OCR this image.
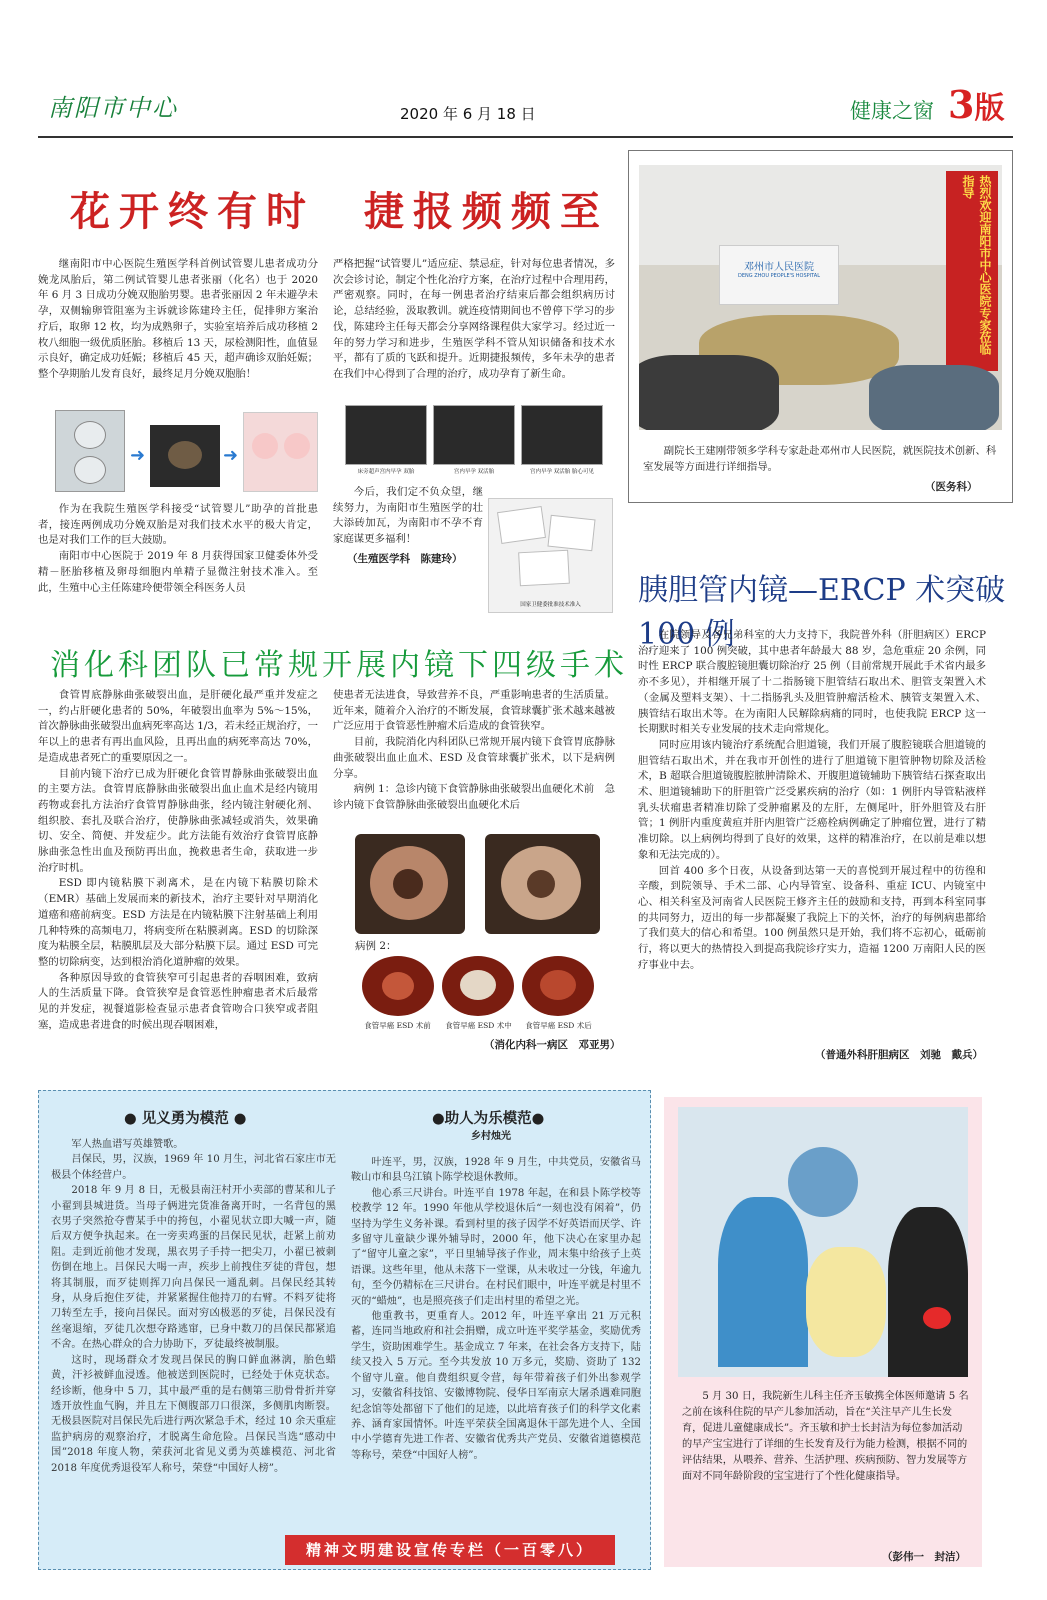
南阳市中心	2020 年 6 月 18 日	健康之窗 3版
花开终有时　捷报频频至

继南阳市中心医院生殖医学科首例试管婴儿患者成功分娩龙凤胎后，第二例试管婴儿患者张丽（化名）也于 2020 年 6 月 3 日成功分娩双胞胎男婴。患者张丽因 2 年未避孕未孕，双侧输卵管阻塞为主诉就诊陈建玲主任，促排卵方案治疗后，取卵 12 枚，均为成熟卵子，实验室培养后成功移植 2 枚八细胞一级优质胚胎。移植后 13 天，尿检测阳性，血值显示良好，确定成功妊娠；移植后 45 天，超声确诊双胎妊娠；整个孕期胎儿发育良好，最终足月分娩双胞胎！

严格把握“试管婴儿”适应症、禁忌症，针对每位患者情况，多次会诊讨论，制定个性化治疗方案，在治疗过程中合理用药，严密观察。同时，在每一例患者治疗结束后都会组织病历讨论，总结经验，汲取教训。就连疫情期间也不曾停下学习的步伐，陈建玲主任每天都会分享网络课程供大家学习。经过近一年的努力学习和进步，生殖医学科不管从知识储备和技术水平，都有了质的飞跃和提升。近期捷报频传，多年未孕的患者在我们中心得到了合理的治疗，成功孕育了新生命。

➜	➜

作为在我院生殖医学科接受“试管婴儿”助孕的首批患者，接连两例成功分娩双胎是对我们技术水平的极大肯定，也是对我们工作的巨大鼓励。

南阳市中心医院于 2019 年 8 月获得国家卫健委体外受精－胚胎移植及卵母细胞内单精子显微注射技术准入。至此，生殖中心主任陈建玲便带领全科医务人员

床旁超声宫内早孕 双胎	宫内早孕 双活胎	宫内早孕 双活胎 胎心可见

今后，我们定不负众望，继续努力，为南阳市生殖医学的壮大添砖加瓦，为南阳市不孕不育家庭谋更多福利！

（生殖医学科　陈建玲）
国家卫健委批准技术准入
邓州市人民医院
DENG ZHOU PEOPLE'S HOSPITAL	热烈欢迎南阳市中心医院专家莅临指导
副院长王建刚带领多学科专家赴赴邓州市人民医院，就医院技术创新、科室发展等方面进行详细指导。
（医务科）
消化科团队已常规开展内镜下四级手术

食管胃底静脉曲张破裂出血，是肝硬化最严重并发症之一，约占肝硬化患者的 50%，年破裂出血率为 5%～15%，首次静脉曲张破裂出血病死率高达 1/3，若未经正规治疗，一年以上的患者有再出血风险，且再出血的病死率高达 70%，是造成患者死亡的重要原因之一。

目前内镜下治疗已成为肝硬化食管胃静脉曲张破裂出血的主要方法。食管胃底静脉曲张破裂出血止血术是经内镜用药物或套扎方法治疗食管胃静脉曲张，经内镜注射硬化剂、组织胶、套扎及联合治疗，使静脉曲张减轻或消失，效果确切、安全、简便、并发症少。此方法能有效治疗食管胃底静脉曲张急性出血及预防再出血，挽救患者生命，获取进一步治疗时机。

ESD 即内镜粘膜下剥离术，是在内镜下粘膜切除术（EMR）基础上发展而来的新技术，治疗主要针对早期消化道癌和癌前病变。ESD 方法是在内镜粘膜下注射基础上利用几种特殊的高频电刀，将病变所在粘膜剥离。ESD 的切除深度为粘膜全层，粘膜肌层及大部分粘膜下层。通过 ESD 可完整的切除病变，达到根治消化道肿瘤的效果。

各种原因导致的食管狭窄可引起患者的吞咽困难，致病人的生活质量下降。食管狭窄是食管恶性肿瘤患者术后最常见的并发症，视餐道影检查显示患者食管吻合口狭窄或者阻塞，造成患者进食的时候出现吞咽困难，

使患者无法进食，导致营养不良，严重影响患者的生活质量。近年来，随着介入治疗的不断发展，食管球囊扩张术越来越被广泛应用于食管恶性肿瘤术后造成的食管狭窄。

目前，我院消化内科团队已常规开展内镜下食管胃底静脉曲张破裂出血止血术、ESD 及食管球囊扩张术，以下是病例分享。

病例 1：急诊内镜下食管静脉曲张破裂出血硬化术前　急诊内镜下食管静脉曲张破裂出血硬化术后

病例 2：
食管早癌 ESD 术前	食管早癌 ESD 术中	食管早癌 ESD 术后
（消化内科一病区　邓亚男）
胰胆管内镜—ERCP 术突破 100 例

在院领导及各兄弟科室的大力支持下，我院普外科（肝胆病区）ERCP 治疗迎来了 100 例突破，其中患者年龄最大 88 岁，急危重症 20 余例，同时性 ERCP 联合腹腔镜胆囊切除治疗 25 例（目前常规开展此手术省内最多亦不多见），并相继开展了十二指肠镜下胆管结石取出术、胆管支架置入术（金属及塑料支架）、十二指肠乳头及胆管肿瘤活检术、胰管支架置入术、胰管结石取出术等。在为南阳人民解除病痛的同时，也使我院 ERCP 这一长期默时相关专业发展的技术走向常规化。

同时应用该内镜治疗系统配合胆道镜，我们开展了腹腔镜联合胆道镜的胆管结石取出术，并在我市开创性的进行了胆道镜下胆管肿物切除及活检术，B 超联合胆道镜腹腔脓肿清除术、开腹胆道镜辅助下胰管结石探查取出术、胆道镜辅助下的肝胆管广泛受累疾病的治疗（如：1 例肝内导管粘液样乳头状瘤患者精准切除了受肿瘤累及的左肝，左侧尾叶，肝外胆管及右肝管；1 例肝内重度黄疸并肝内胆管广泛癌栓病例确定了肿瘤位置，进行了精准切除。以上病例均得到了良好的效果，这样的精准治疗，在以前是难以想象和无法完成的）。

回首 400 多个日夜，从设备到达第一天的喜悦到开展过程中的彷徨和辛酸，到院领导、手术二部、心内导管室、设备科、重症 ICU、内镜室中心、相关科室及河南省人民医院王修齐主任的鼓励和支持，再到本科室同事的共同努力，迈出的每一步都凝聚了我院上下的关怀，治疗的每例病患都给了我们莫大的信心和希望。100 例虽然只是开始，我们将不忘初心，砥砺前行，将以更大的热情投入到提高我院诊疗实力，造福 1200 万南阳人民的医疗事业中去。

（普通外科肝胆病区　刘驰　戴兵）
● 见义勇为模范 ●
军人热血谱写英雄赞歌。
吕保民，男，汉族，1969 年 10 月生，河北省石家庄市无极县个体经营户。
2018 年 9 月 8 日，无极县南汪村开小卖部的曹某和儿子小翟到县城进货。当母子俩进完货准备离开时，一名背包的黑衣男子突然抢夺曹某手中的挎包，小翟见状立即大喊一声，随后双方便争执起来。在一旁卖鸡蛋的吕保民见状，赶紧上前劝阻。走到近前他才发现，黑衣男子手持一把尖刀，小翟已被刺伤倒在地上。吕保民大喝一声，疾步上前拽住歹徒的背包，想将其制服，而歹徒则挥刀向吕保民一通乱刺。吕保民经其转身，从身后抱住歹徒，并紧紧握住他持刀的右臂。不料歹徒将刀转至左手，接向吕保民。面对穷凶极恶的歹徒，吕保民没有丝毫退缩，歹徒几次想夺路逃窜，已身中数刀的吕保民都紧追不舍。在热心群众的合力协助下，歹徒最终被制服。
这时，现场群众才发现吕保民的胸口鲜血淋漓，胎色蜡黄，汗衫被鲜血浸透。他被送到医院时，已经处于休克状态。经诊断，他身中 5 刀，其中最严重的是右侧第三肋骨骨折并穿透开放性血气胸，并且左下侧腹部刀口很深，多侧肌肉断裂。无极县医院对吕保民先后进行两次紧急手术，经过 10 余天重症监护病房的观察治疗，才脱离生命危险。吕保民当选“感动中国”2018 年度人物，荣获河北省见义勇为英雄模范、河北省 2018 年度优秀退役军人称号，荣登“中国好人榜”。
●助人为乐模范●
乡村烛光
叶连平，男，汉族，1928 年 9 月生，中共党员，安徽省马鞍山市和县乌江镇卜陈学校退休教师。
他心系三尺讲台。叶连平自 1978 年起，在和县卜陈学校等校教学 12 年。1990 年他从学校退休后“一刻也没有闲着”，仍坚持为学生义务补课。看到村里的孩子因学不好英语而厌学、许多留守儿童缺少课外辅导时，2000 年，他下决心在家里办起了“留守儿童之家”，平日里辅导孩子作业，周末集中给孩子上英语课。这些年里，他从未落下一堂课，从未收过一分钱，年逾九旬，至今仍精标在三尺讲台。在村民们眼中，叶连平就是村里不灭的“蜡烛”，也是照亮孩子们走出村里的希望之光。
他重教书，更重育人。2012 年，叶连平拿出 21 万元积蓄，连同当地政府和社会捐赠，成立叶连平奖学基金，奖励优秀学生，资助困难学生。基金成立 7 年来，在社会各方支持下，陆续又投入 5 万元。至今共发放 10 万多元，奖励、资助了 132 个留守儿童。他自费组织夏令营，每年带着孩子们外出参观学习，安徽省科技馆、安徽博物院、侵华日军南京大屠杀遇难同胞纪念馆等处都留下了他们的足迹，以此培育孩子们的科学文化素养、涵育家国情怀。叶连平荣获全国离退休干部先进个人、全国中小学德育先进工作者、安徽省优秀共产党员、安徽省道德模范等称号，荣登“中国好人榜”。
精神文明建设宣传专栏（一百零八）
5 月 30 日，我院新生儿科主任齐玉敏携全体医师邀请 5 名之前在该科住院的早产儿参加活动，旨在“关注早产儿生长发育，促进儿童健康成长”。齐玉敏和护士长封洁为每位参加活动的早产宝宝进行了详细的生长发育及行为能力检测，根据不同的评估结果，从喂养、营养、生活护理、疾病预防、智力发展等方面对不同年龄阶段的宝宝进行了个性化健康指导。
（彭伟一　封洁）
